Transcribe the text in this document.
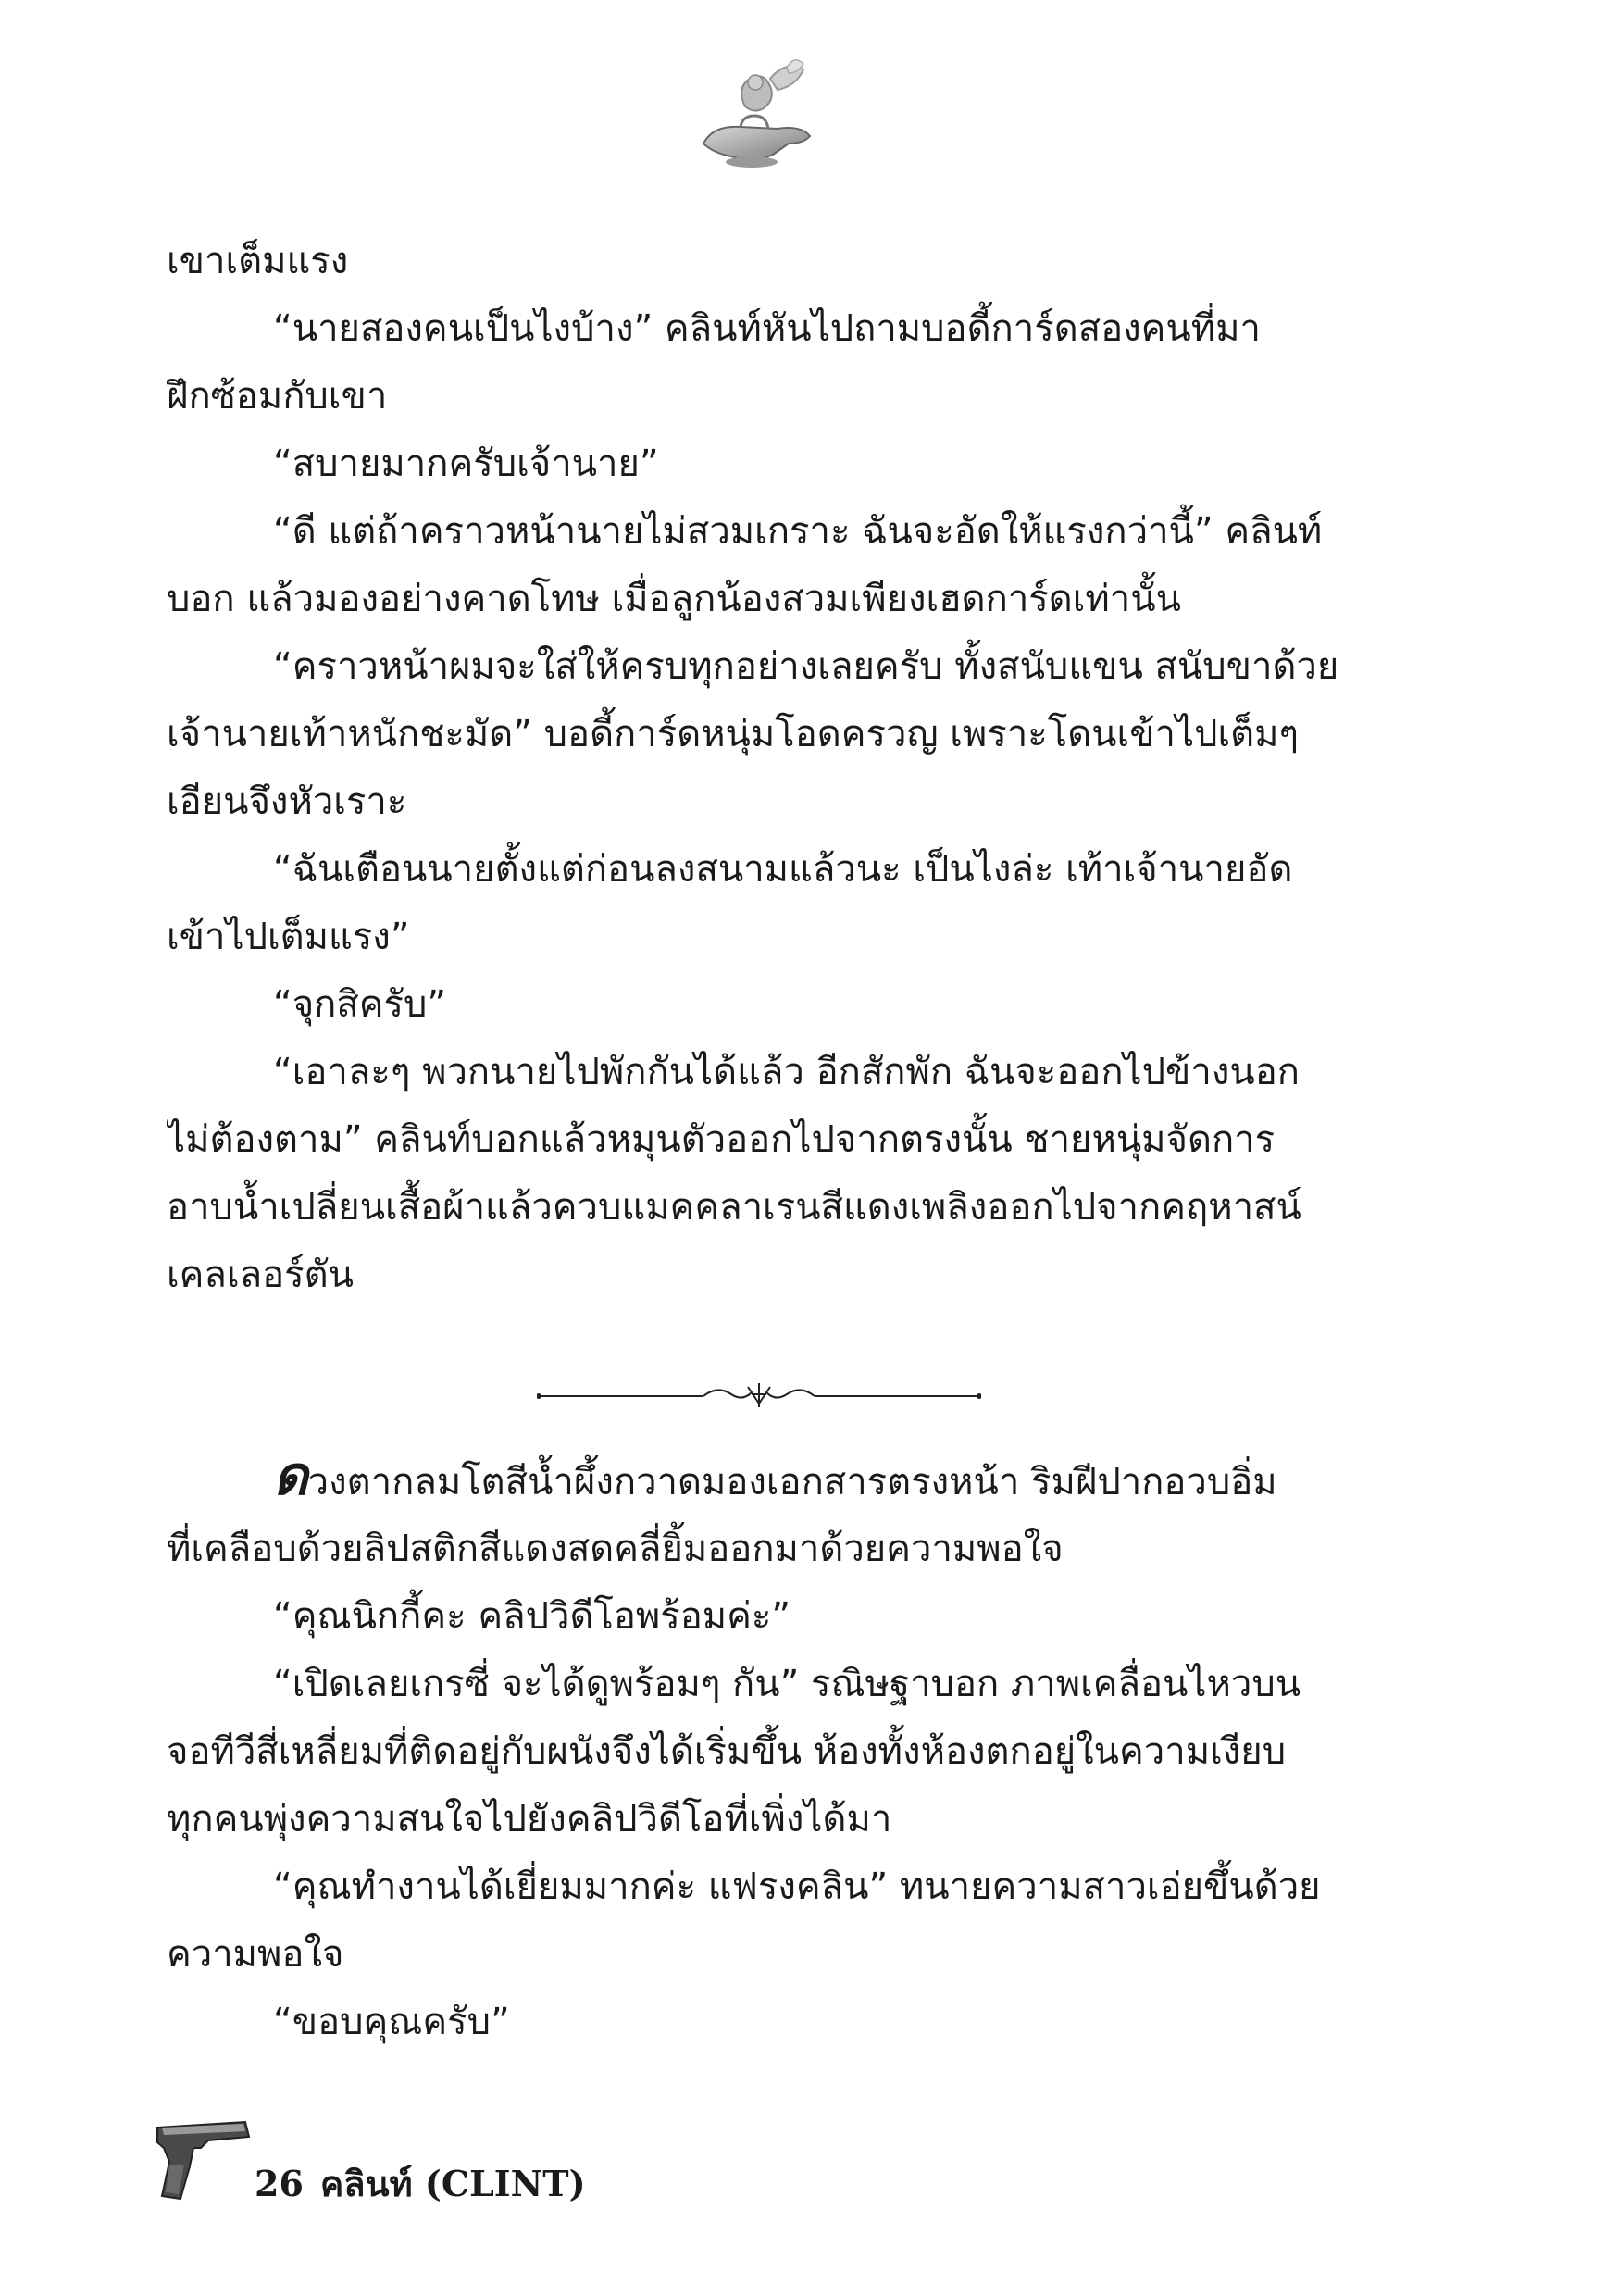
เขาเต็มแรง

“นายสองคนเป็นไงบ้าง” คลินท์หันไปถามบอดี้การ์ดสองคนที่มา

ฝึกซ้อมกับเขา

“สบายมากครับเจ้านาย”

“ดี แต่ถ้าคราวหน้านายไม่สวมเกราะ ฉันจะอัดให้แรงกว่านี้” คลินท์

บอก แล้วมองอย่างคาดโทษ เมื่อลูกน้องสวมเพียงเฮดการ์ดเท่านั้น

“คราวหน้าผมจะใส่ให้ครบทุกอย่างเลยครับ ทั้งสนับแขน สนับขาด้วย

เจ้านายเท้าหนักชะมัด” บอดี้การ์ดหนุ่มโอดครวญ เพราะโดนเข้าไปเต็มๆ

เอียนจึงหัวเราะ

“ฉันเตือนนายตั้งแต่ก่อนลงสนามแล้วนะ เป็นไงล่ะ เท้าเจ้านายอัด

เข้าไปเต็มแรง”

“จุกสิครับ”

“เอาละๆ พวกนายไปพักกันได้แล้ว อีกสักพัก ฉันจะออกไปข้างนอก

ไม่ต้องตาม” คลินท์บอกแล้วหมุนตัวออกไปจากตรงนั้น ชายหนุ่มจัดการ

อาบน้ำเปลี่ยนเสื้อผ้าแล้วควบแมคคลาเรนสีแดงเพลิงออกไปจากคฤหาสน์

เคลเลอร์ตัน

ดวงตากลมโตสีน้ำผึ้งกวาดมองเอกสารตรงหน้า ริมฝีปากอวบอิ่ม

ที่เคลือบด้วยลิปสติกสีแดงสดคลี่ยิ้มออกมาด้วยความพอใจ

“คุณนิกกี้คะ คลิปวิดีโอพร้อมค่ะ”

“เปิดเลยเกรซี่ จะได้ดูพร้อมๆ กัน” รณิษฐาบอก ภาพเคลื่อนไหวบน

จอทีวีสี่เหลี่ยมที่ติดอยู่กับผนังจึงได้เริ่มขึ้น ห้องทั้งห้องตกอยู่ในความเงียบ

ทุกคนพุ่งความสนใจไปยังคลิปวิดีโอที่เพิ่งได้มา

“คุณทำงานได้เยี่ยมมากค่ะ แฟรงคลิน” ทนายความสาวเอ่ยขึ้นด้วย

ความพอใจ

“ขอบคุณครับ”

26 คลินท์ (CLINT)
